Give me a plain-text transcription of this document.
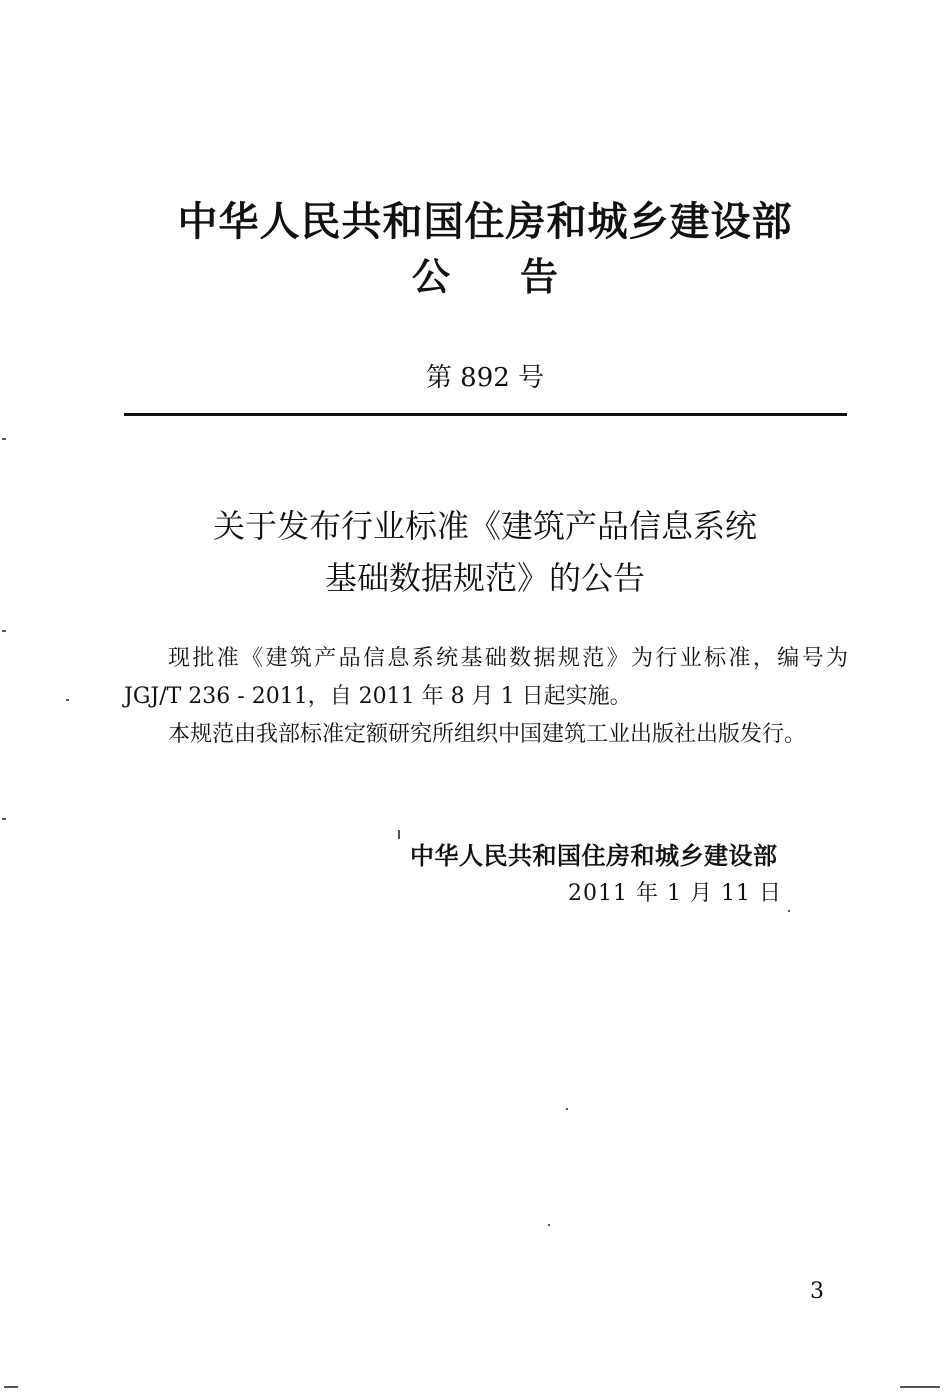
中华人民共和国住房和城乡建设部
公告
第 892 号
关于发布行业标准《建筑产品信息系统
基础数据规范》的公告

现批准《建筑产品信息系统基础数据规范》为行业标准，编号为 JGJ/T 236 - 2011，自 2011 年 8 月 1 日起实施。

本规范由我部标准定额研究所组织中国建筑工业出版社出版发行。

中华人民共和国住房和城乡建设部
2011 年 1 月 11 日
3
